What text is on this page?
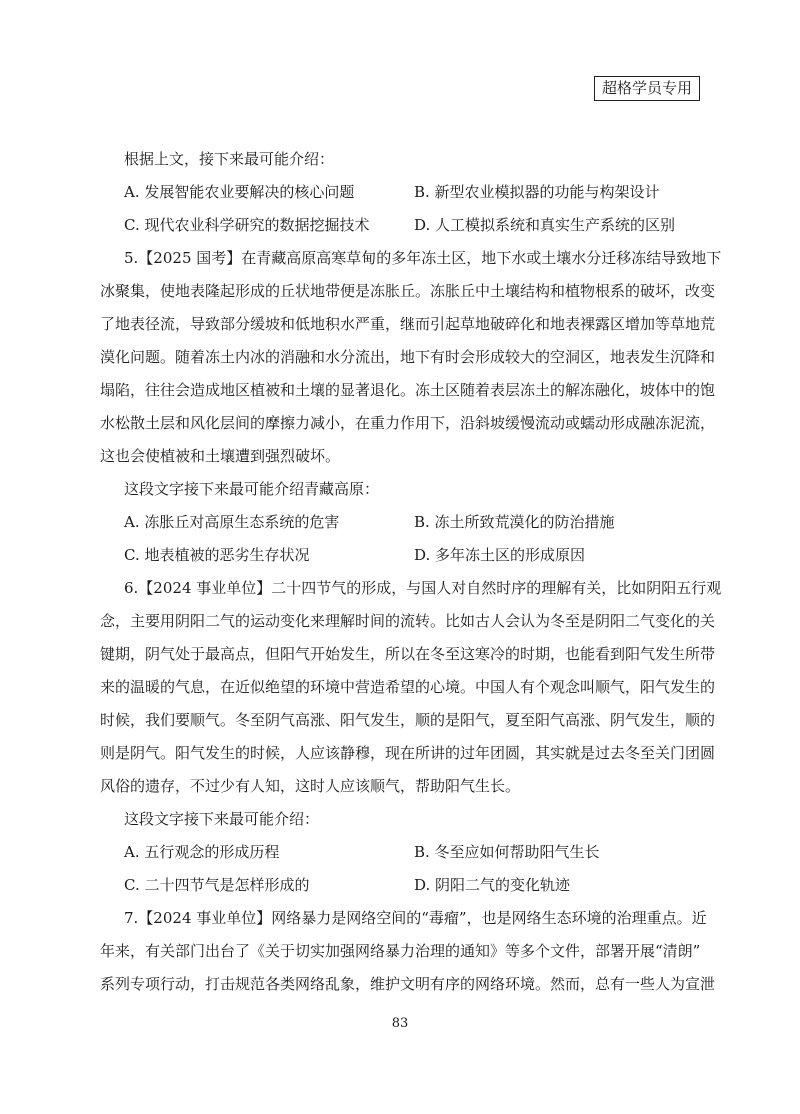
超格学员专用
根据上文，接下来最可能介绍：
A. 发展智能农业要解决的核心问题	B. 新型农业模拟器的功能与构架设计
C. 现代农业科学研究的数据挖掘技术	D. 人工模拟系统和真实生产系统的区别
5.【2025 国考】在青藏高原高寒草甸的多年冻土区，地下水或土壤水分迁移冻结导致地下
冰聚集，使地表隆起形成的丘状地带便是冻胀丘。冻胀丘中土壤结构和植物根系的破坏，改变
了地表径流，导致部分缓坡和低地积水严重，继而引起草地破碎化和地表裸露区增加等草地荒
漠化问题。随着冻土内冰的消融和水分流出，地下有时会形成较大的空洞区，地表发生沉降和
塌陷，往往会造成地区植被和土壤的显著退化。冻土区随着表层冻土的解冻融化，坡体中的饱
水松散土层和风化层间的摩擦力减小，在重力作用下，沿斜坡缓慢流动或蠕动形成融冻泥流，
这也会使植被和土壤遭到强烈破坏。
这段文字接下来最可能介绍青藏高原：
A. 冻胀丘对高原生态系统的危害	B. 冻土所致荒漠化的防治措施
C. 地表植被的恶劣生存状况	D. 多年冻土区的形成原因
6.【2024 事业单位】二十四节气的形成，与国人对自然时序的理解有关，比如阴阳五行观
念，主要用阴阳二气的运动变化来理解时间的流转。比如古人会认为冬至是阴阳二气变化的关
键期，阴气处于最高点，但阳气开始发生，所以在冬至这寒冷的时期，也能看到阳气发生所带
来的温暖的气息，在近似绝望的环境中营造希望的心境。中国人有个观念叫顺气，阳气发生的
时候，我们要顺气。冬至阴气高涨、阳气发生，顺的是阳气，夏至阳气高涨、阴气发生，顺的
则是阴气。阳气发生的时候，人应该静穆，现在所讲的过年团圆，其实就是过去冬至关门团圆
风俗的遗存，不过少有人知，这时人应该顺气，帮助阳气生长。
这段文字接下来最可能介绍：
A. 五行观念的形成历程	B. 冬至应如何帮助阳气生长
C. 二十四节气是怎样形成的	D. 阴阳二气的变化轨迹
7.【2024 事业单位】网络暴力是网络空间的“毒瘤”，也是网络生态环境的治理重点。近
年来，有关部门出台了《关于切实加强网络暴力治理的通知》等多个文件，部署开展“清朗”
系列专项行动，打击规范各类网络乱象，维护文明有序的网络环境。然而，总有一些人为宣泄
83
